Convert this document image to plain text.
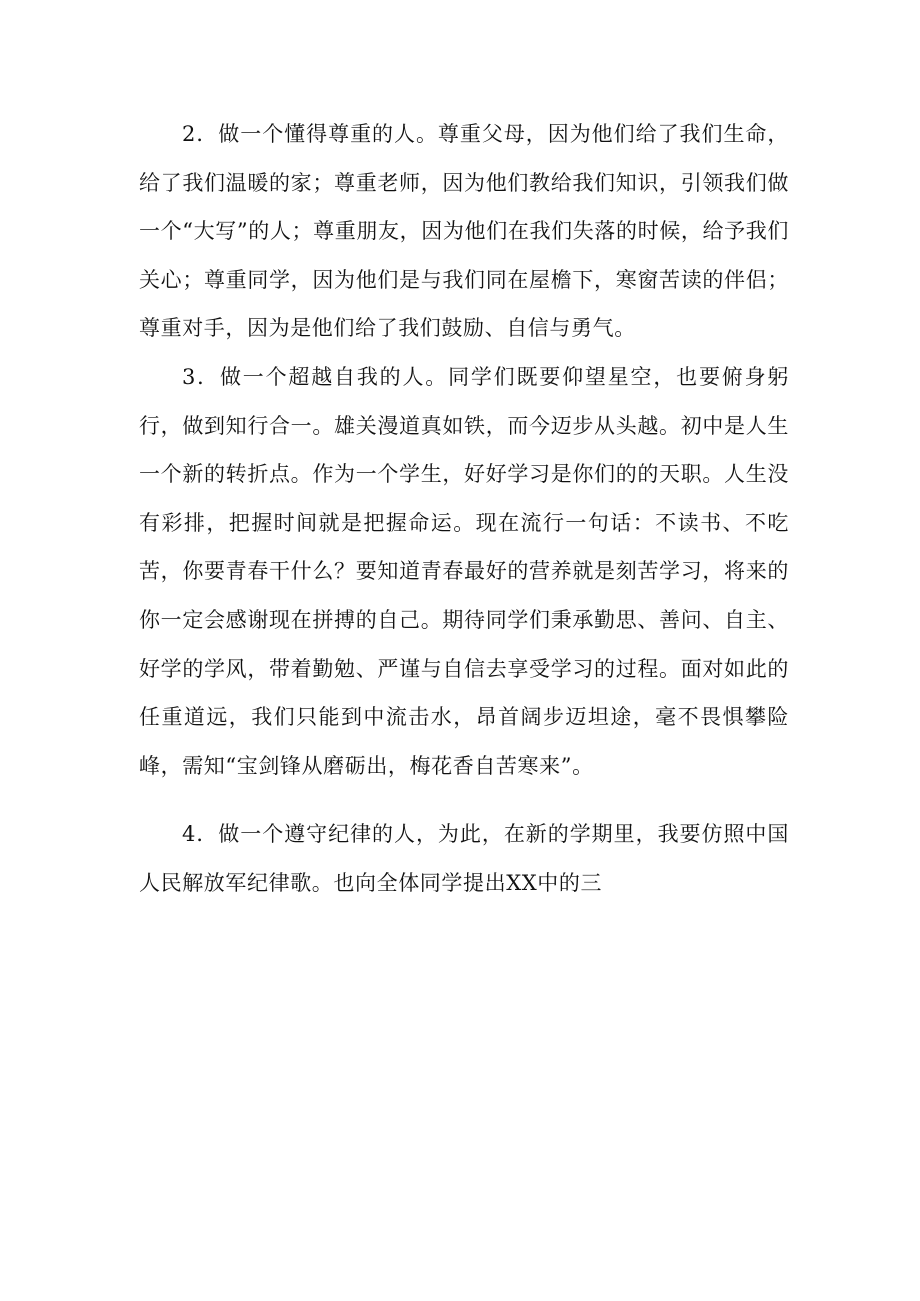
2．做一个懂得尊重的人。尊重父母，因为他们给了我们生命，给了我们温暖的家；尊重老师，因为他们教给我们知识，引领我们做一个“大写”的人；尊重朋友，因为他们在我们失落的时候，给予我们关心；尊重同学，因为他们是与我们同在屋檐下，寒窗苦读的伴侣；尊重对手，因为是他们给了我们鼓励、自信与勇气。

3．做一个超越自我的人。同学们既要仰望星空，也要俯身躬行，做到知行合一。雄关漫道真如铁，而今迈步从头越。初中是人生一个新的转折点。作为一个学生，好好学习是你们的的天职。人生没有彩排，把握时间就是把握命运。现在流行一句话：不读书、不吃苦，你要青春干什么？要知道青春最好的营养就是刻苦学习，将来的你一定会感谢现在拼搏的自己。期待同学们秉承勤思、善问、自主、好学的学风，带着勤勉、严谨与自信去享受学习的过程。面对如此的任重道远，我们只能到中流击水，昂首阔步迈坦途，毫不畏惧攀险峰，需知“宝剑锋从磨砺出，梅花香自苦寒来”。

4．做一个遵守纪律的人，为此，在新的学期里，我要仿照中国人民解放军纪律歌。也向全体同学提出XX中的三
